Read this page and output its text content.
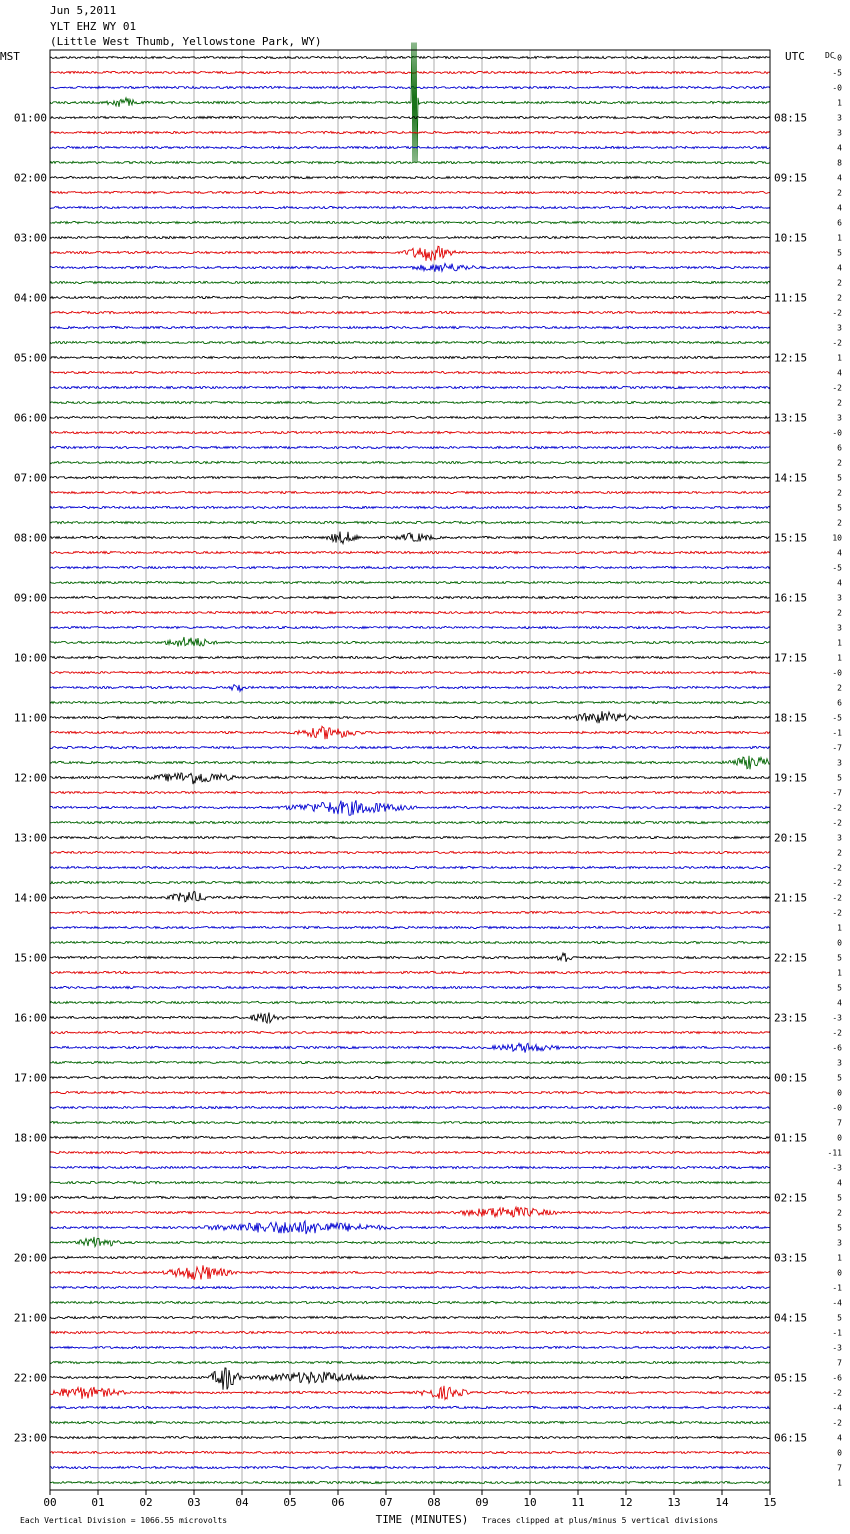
Jun 5,2011
YLT EHZ WY 01
(Little West Thumb, Yellowstone Park, WY)
-0
-5
-0
1
3
3
4
8
4
2
4
6
1
5
4
2
2
-2
3
-2
1
4
-2
2
3
-0
6
2
5
2
5
2
10
4
-5
4
3
2
3
1
1
-0
2
6
-5
-1
-7
3
5
-7
-2
-2
3
2
-2
-2
-2
-2
1
0
5
1
5
4
-3
-2
-6
3
5
0
-0
7
0
-11
-3
4
5
2
5
3
1
0
-1
-4
5
-1
-3
7
-6
-2
-4
-2
4
0
7
1
MST	UTC	DC
01:00
02:00
03:00
04:00
05:00
06:00
07:00
08:00
09:00
10:00
11:00
12:00
13:00
14:00
15:00
16:00
17:00
18:00
19:00
20:00
21:00
22:00
23:00
08:15
09:15
10:15
11:15
12:15
13:15
14:15
15:15
16:15
17:15
18:15
19:15
20:15
21:15
22:15
23:15
00:15
01:15
02:15
03:15
04:15
05:15
06:15
00	01	02	03	04	05	06	07	08	09	10	11	12	13	14	15
TIME (MINUTES)
Each Vertical Division = 1066.55 microvolts	Traces clipped at plus/minus 5 vertical divisions
